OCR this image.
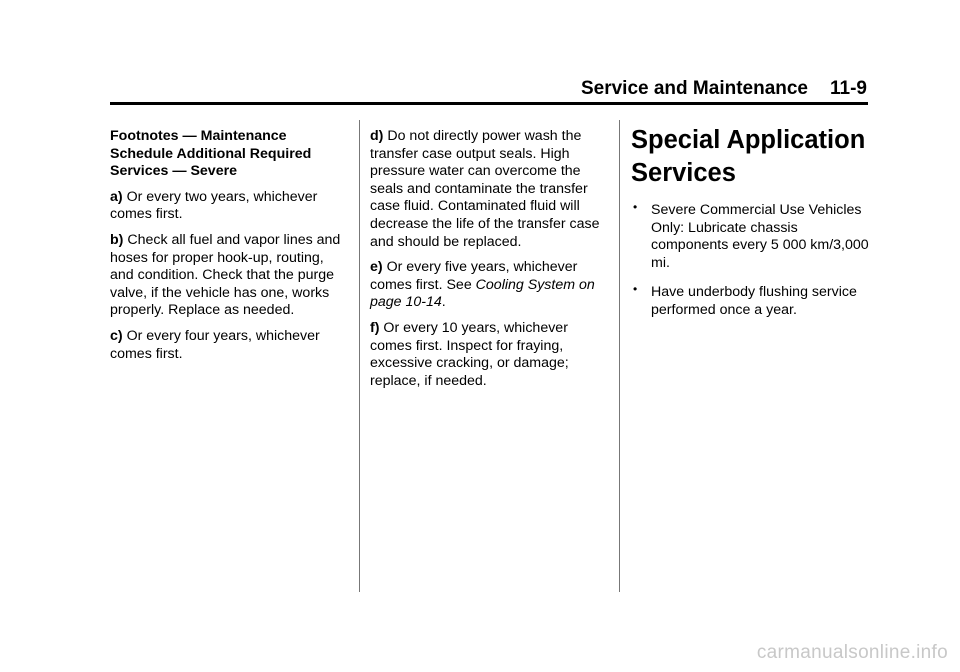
Service and Maintenance 11-9

Footnotes — Maintenance Schedule Additional Required Services — Severe

a) Or every two years, whichever comes first.

b) Check all fuel and vapor lines and hoses for proper hook-up, routing, and condition. Check that the purge valve, if the vehicle has one, works properly. Replace as needed.

c) Or every four years, whichever comes first.

d) Do not directly power wash the transfer case output seals. High pressure water can overcome the seals and contaminate the transfer case fluid. Contaminated fluid will decrease the life of the transfer case and should be replaced.

e) Or every five years, whichever comes first. See Cooling System on page 10‑14.

f) Or every 10 years, whichever comes first. Inspect for fraying, excessive cracking, or damage; replace, if needed.

Special Application Services
• Severe Commercial Use Vehicles Only: Lubricate chassis components every 5 000 km/3,000 mi.
• Have underbody flushing service performed once a year.
carmanualsonline.info
